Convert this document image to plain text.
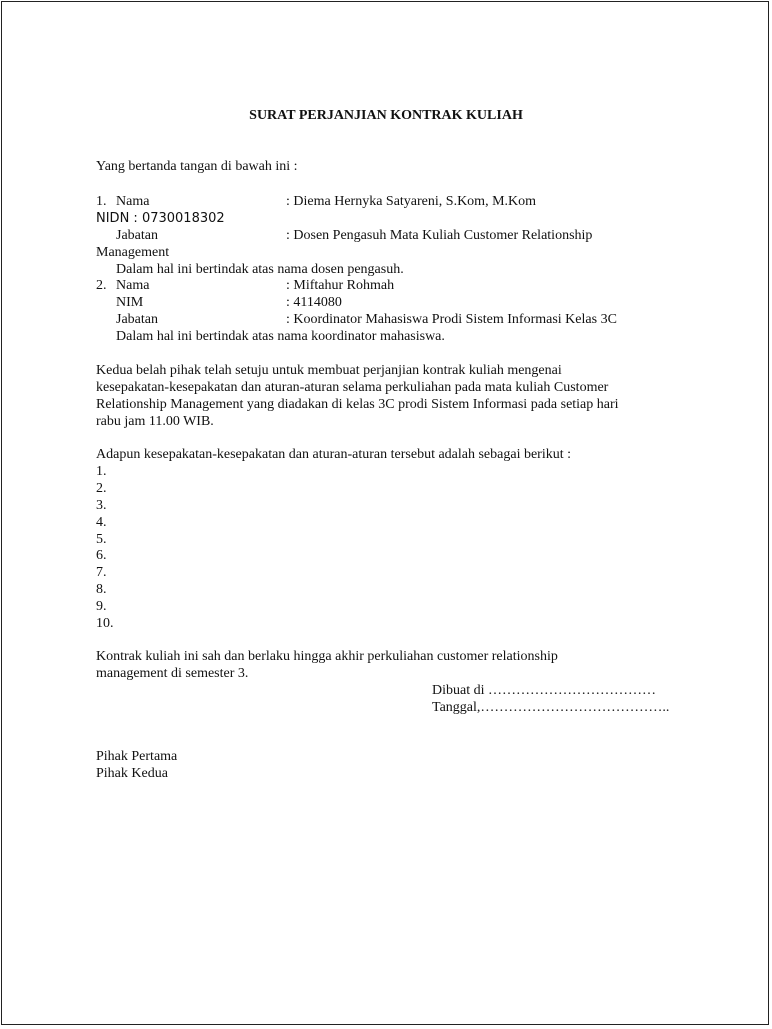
SURAT PERJANJIAN KONTRAK KULIAH
Yang bertanda tangan di bawah ini :
1. Nama	: Diema Hernyka Satyareni, S.Kom, M.Kom
NIDN : 0730018302
Jabatan	: Dosen Pengasuh Mata Kuliah Customer Relationship
Management
Dalam hal ini bertindak atas nama dosen pengasuh.
2. Nama	: Miftahur Rohmah
NIM	: 4114080
Jabatan	: Koordinator Mahasiswa Prodi Sistem Informasi Kelas 3C
Dalam hal ini bertindak atas nama koordinator mahasiswa.
Kedua belah pihak telah setuju untuk membuat perjanjian kontrak kuliah mengenai
kesepakatan-kesepakatan dan aturan-aturan selama perkuliahan pada mata kuliah Customer
Relationship Management yang diadakan di kelas 3C prodi Sistem Informasi pada setiap hari
rabu jam 11.00 WIB.
Adapun kesepakatan-kesepakatan dan aturan-aturan tersebut adalah sebagai berikut :
1.
2.
3.
4.
5.
6.
7.
8.
9.
10.
Kontrak kuliah ini sah dan berlaku hingga akhir perkuliahan customer relationship
management di semester 3.
Dibuat di ………………………………
Tanggal,…………………………………..
Pihak Pertama
Pihak Kedua
